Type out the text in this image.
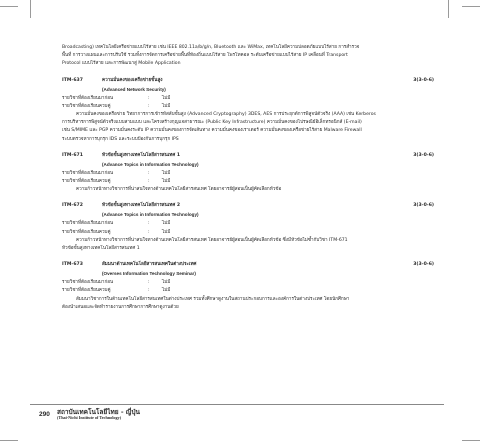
Broadcasting) เทคโนโลยีเครือข่ายแบบไร้สาย เช่น IEEE 802.11a/b/g/n, Bluetooth และ WiMax, เทคโนโลยีความปลอดภัยแบบไร้สาย การสำรวจ

พื้นที่ การวางแผนและการปรับใช้ รวมทั้งการจัดการเครือข่ายพื้นที่ท้องถิ่นแบบไร้สาย โพรโทคอล ระดับเครือข่ายแบบไร้สาย IP เคลื่อนที่ Transport

Protocol แบบไร้สาย และการพัฒนาสู่ Mobile Application

ITM-637	ความมั่นคงของเครือข่ายขั้นสูง	3(3-0-6)
(Advanced Network Security)
รายวิชาที่ต้องเรียนมาก่อน	:	ไม่มี
รายวิชาที่ต้องเรียนควบคู่	:	ไม่มี

ความมั่นคงของเครือข่าย วิทยาการการเข้ารหัสลับขั้นสูง (Advanced Cryptography) 3DES, AES การประยุกต์การพิสูจน์ตัวจริง (AAA) เช่น Kerberos

การบริหารการพิสูจน์ตัวจริงแบบสามแบบ และโครงสร้างกุญแจสาธารณะ (Public Key Infrastructure) ความมั่นคงของไปรษณีย์อิเล็กทรอนิกส์ (E-mail)

เช่น S/MIME และ PGP ความมั่นคงระดับ IP ความมั่นคงของการจัดเส้นทาง ความมั่นคงของเราเตอร์ ความมั่นคงของเครือข่ายไร้สาย Malware Firewall

ระบบตรวจหาการบุกรุก IDS และระบบป้องกันการบุกรุก IPS

ITM-671	หัวข้อขั้นสูงทางเทคโนโลยีสารสนเทศ 1	3(3-0-6)
(Advance Topics in Information Technology)
รายวิชาที่ต้องเรียนมาก่อน	:	ไม่มี
รายวิชาที่ต้องเรียนควบคู่	:	ไม่มี

ความก้าวหน้าทางวิชาการที่น่าสนใจทางด้านเทคโนโลยีสารสนเทศ โดยอาจารย์ผู้สอนเป็นผู้คัดเลือกหัวข้อ

ITM-672	หัวข้อขั้นสูงทางเทคโนโลยีสารสนเทศ 2	3(3-0-6)
(Advance Topics in Information Technology)
รายวิชาที่ต้องเรียนมาก่อน	:	ไม่มี
รายวิชาที่ต้องเรียนควบคู่	:	ไม่มี

ความก้าวหน้าทางวิชาการที่น่าสนใจทางด้านเทคโนโลยีสารสนเทศ โดยอาจารย์ผู้สอนเป็นผู้คัดเลือกหัวข้อ ซึ่งมีหัวข้อไม่ซ้ำกับวิชา ITM-671

หัวข้อขั้นสูงทางเทคโนโลยีสารสนเทศ 1

ITM-673	สัมมนาด้านเทคโนโลยีสารสนเทศในต่างประเทศ	3(3-0-6)
(Overses Information Technology Seminar)
รายวิชาที่ต้องเรียนมาก่อน	:	ไม่มี
รายวิชาที่ต้องเรียนควบคู่	:	ไม่มี

สัมมนาวิชาการในด้านเทคโนโลยีสารสนเทศในต่างประเทศ รวมทั้งศึกษาดูงานในสถานประกอบการและองค์การในต่างประเทศ โดยนักศึกษา

ต้องนำเสนอและจัดทำรายงานการศึกษาการศึกษาดูงานด้วย

290 สถาบันเทคโนโลยีไทย - ญี่ปุ่น
(Thai-Nichi Institute of Technology)
